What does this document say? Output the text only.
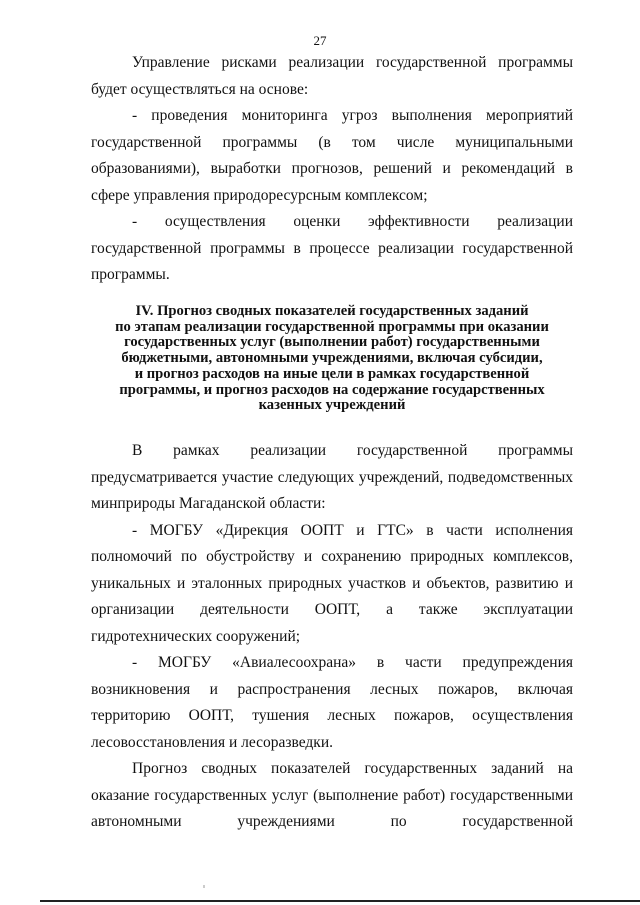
27

Управление рисками реализации государственной программы будет осуществляться на основе:

- проведения мониторинга угроз выполнения мероприятий государственной программы (в том числе муниципальными образованиями), выработки прогнозов, решений и рекомендаций в сфере управления природоресурсным комплексом;

- осуществления оценки эффективности реализации государственной программы в процессе реализации государственной программы.

IV. Прогноз сводных показателей государственных заданий
по этапам реализации государственной программы при оказании
государственных услуг (выполнении работ) государственными
бюджетными, автономными учреждениями, включая субсидии,
и прогноз расходов на иные цели в рамках государственной
программы, и прогноз расходов на содержание государственных
казенных учреждений

В рамках реализации государственной программы предусматривается участие следующих учреждений, подведомственных минприроды Магаданской области:

- МОГБУ «Дирекция ООПТ и ГТС» в части исполнения полномочий по обустройству и сохранению природных комплексов, уникальных и эталонных природных участков и объектов, развитию и организации деятельности ООПТ, а также эксплуатации гидротехнических сооружений;

- МОГБУ «Авиалесоохрана» в части предупреждения возникновения и распространения лесных пожаров, включая территорию ООПТ, тушения лесных пожаров, осуществления лесовосстановления и лесоразведки.

Прогноз сводных показателей государственных заданий на оказание государственных услуг (выполнение работ) государственными автономными учреждениями по государственной
